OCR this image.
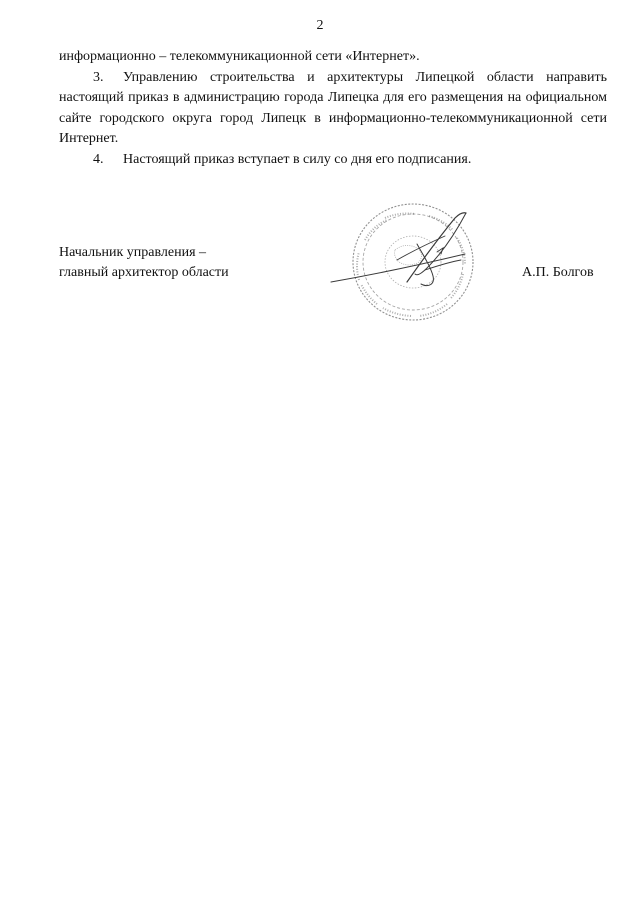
2

информационно – телекоммуникационной сети «Интернет».

3. Управлению строительства и архитектуры Липецкой области направить настоящий приказ в администрацию города Липецка для его размещения на официальном сайте городского округа город Липецк в информационно-телекоммуникационной сети Интернет.

4. Настоящий приказ вступает в силу со дня его подписания.

Начальник управления –
главный архитектор области	А.П. Болгов
